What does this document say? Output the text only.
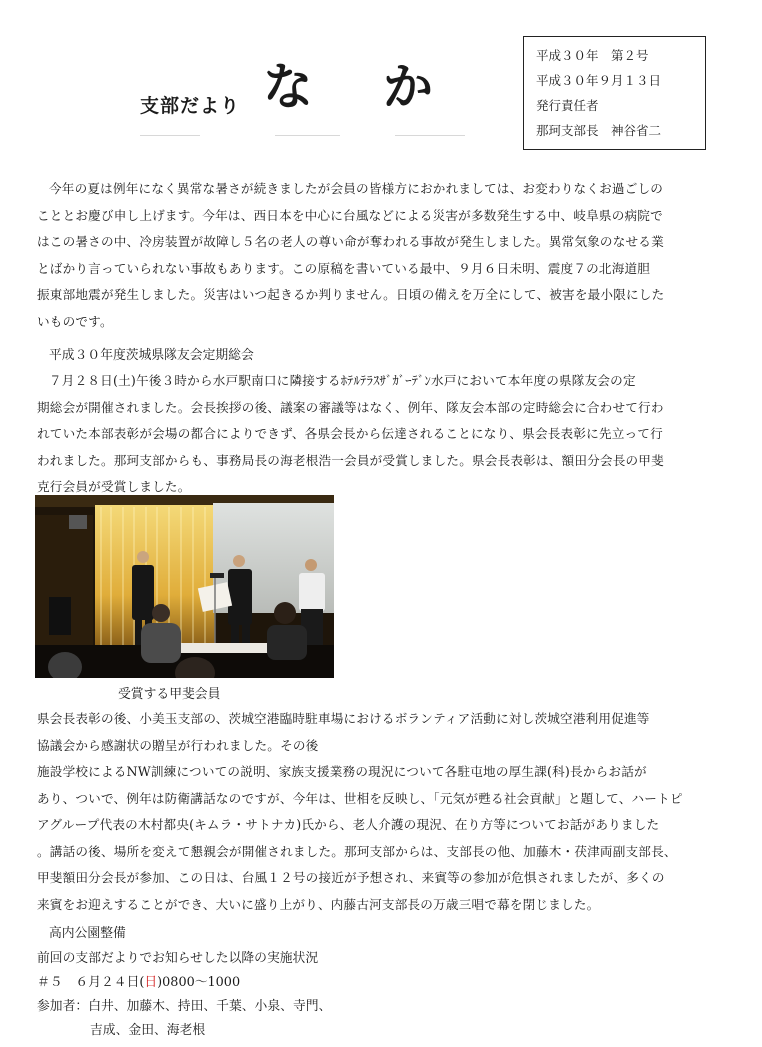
支部だより な か
平成３０年　第２号
平成３０年９月１３日
発行責任者
那珂支部長　神谷省二
今年の夏は例年になく異常な暑さが続きましたが会員の皆様方におかれましては、お変わりなくお過ごしの
こととお慶び申し上げます。今年は、西日本を中心に台風などによる災害が多数発生する中、岐阜県の病院で
はこの暑さの中、冷房装置が故障し５名の老人の尊い命が奪われる事故が発生しました。異常気象のなせる業
とばかり言っていられない事故もあります。この原稿を書いている最中、９月６日未明、震度７の北海道胆
振東部地震が発生しました。災害はいつ起きるか判りません。日頃の備えを万全にして、被害を最小限にした
いものです。
平成３０年度茨城県隊友会定期総会
７月２８日(土)午後３時から水戸駅南口に隣接するﾎﾃﾙﾃﾗｽｻﾞｶﾞｰﾃﾞﾝ水戸において本年度の県隊友会の定
期総会が開催されました。会長挨拶の後、議案の審議等はなく、例年、隊友会本部の定時総会に合わせて行わ
れていた本部表彰が会場の都合によりできず、各県会長から伝達されることになり、県会長表彰に先立って行
われました。那珂支部からも、事務局長の海老根浩一会員が受賞しました。県会長表彰は、額田分会長の甲斐
克行会員が受賞しました。
受賞する甲斐会員
県会長表彰の後、小美玉支部の、茨城空港臨時駐車場におけるボランティア活動に対し茨城空港利用促進等
協議会から感謝状の贈呈が行われました。その後
施設学校によるNW訓練についての説明、家族支援業務の現況について各駐屯地の厚生課(科)長からお話が
あり、ついで、例年は防衛講話なのですが、今年は、世相を反映し、「元気が甦る社会貢献」と題して、ハートピ
アグループ代表の木村都央(キムラ・サトナカ)氏から、老人介護の現況、在り方等についてお話がありました
。講話の後、場所を変えて懇親会が開催されました。那珂支部からは、支部長の他、加藤木・茯津両副支部長、
甲斐額田分会長が参加、この日は、台風１２号の接近が予想され、来賓等の参加が危惧されましたが、多くの
来賓をお迎えすることができ、大いに盛り上がり、内藤古河支部長の万歳三唱で幕を閉じました。
高内公園整備
前回の支部だよりでお知らせした以降の実施状況
＃５　 ６月２４日(日)0800～1000
参加者：白井、加藤木、持田、千葉、小泉、寺門、
吉成、金田、海老根
